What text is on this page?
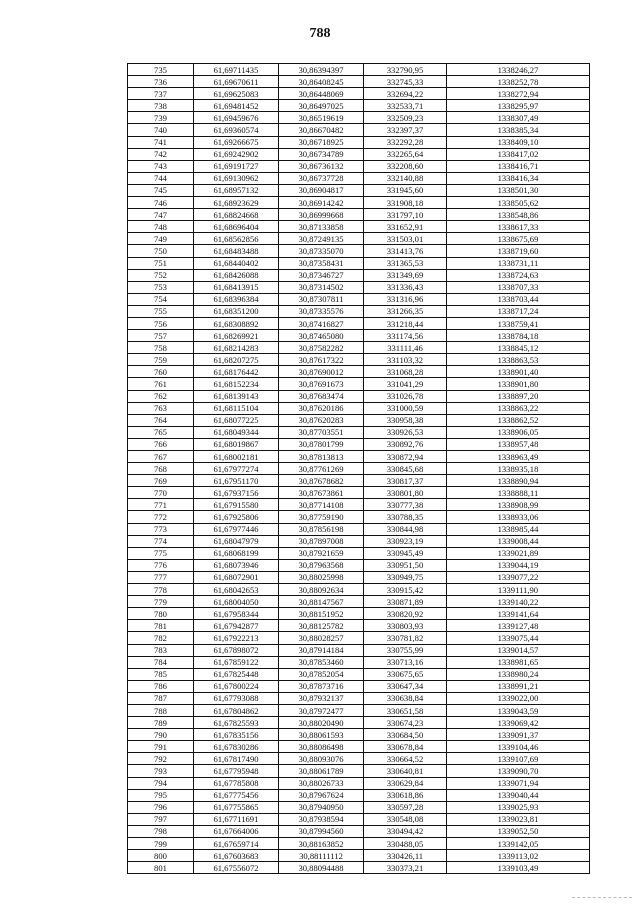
788
735	61,69711435	30,86394397	332790,95	1338246,27
736	61,69670611	30,86408245	332745,33	1338252,78
737	61,69625083	30,86448069	332694,22	1338272,94
738	61,69481452	30,86497025	332533,71	1338295,97
739	61,69459676	30,86519619	332509,23	1338307,49
740	61,69360574	30,86670482	332397,37	1338385,34
741	61,69266675	30,86718925	332292,28	1338409,10
742	61,69242902	30,86734789	332265,64	1338417,02
743	61,69191727	30,86736132	332208,60	1338416,71
744	61,69130962	30,86737728	332140,88	1338416,34
745	61,68957132	30,86904817	331945,60	1338501,30
746	61,68923629	30,86914242	331908,18	1338505,62
747	61,68824668	30,86999668	331797,10	1338548,86
748	61,68696404	30,87133858	331652,91	1338617,33
749	61,68562856	30,87249135	331503,01	1338675,69
750	61,68483488	30,87335070	331413,76	1338719,60
751	61,68440402	30,87358431	331365,53	1338731,11
752	61,68426088	30,87346727	331349,69	1338724,63
753	61,68413915	30,87314502	331336,43	1338707,33
754	61,68396384	30,87307811	331316,96	1338703,44
755	61,68351200	30,87335576	331266,35	1338717,24
756	61,68308892	30,87416827	331218,44	1338759,41
757	61,68269921	30,87465080	331174,56	1338784,18
758	61,68214283	30,87582282	331111,46	1338845,12
759	61,68207275	30,87617322	331103,32	1338863,53
760	61,68176442	30,87690012	331068,28	1338901,40
761	61,68152234	30,87691673	331041,29	1338901,80
762	61,68139143	30,87683474	331026,78	1338897,20
763	61,68115104	30,87620186	331000,59	1338863,22
764	61,68077225	30,87620283	330958,38	1338862,52
765	61,68049344	30,87703551	330926,53	1338906,05
766	61,68019867	30,87801799	330892,76	1338957,48
767	61,68002181	30,87813813	330872,94	1338963,49
768	61,67977274	30,87761269	330845,68	1338935,18
769	61,67951170	30,87678682	330817,37	1338890,94
770	61,67937156	30,87673861	330801,80	1338888,11
771	61,67915580	30,87714108	330777,38	1338908,99
772	61,67925806	30,87759190	330788,35	1338933,06
773	61,67977446	30,87856198	330844,98	1338985,44
774	61,68047979	30,87897008	330923,19	1339008,44
775	61,68068199	30,87921659	330945,49	1339021,89
776	61,68073946	30,87963568	330951,50	1339044,19
777	61,68072901	30,88025998	330949,75	1339077,22
778	61,68042653	30,88092634	330915,42	1339111,90
779	61,68004050	30,88147567	330871,89	1339140,22
780	61,67958344	30,88151952	330820,92	1339141,64
781	61,67942877	30,88125782	330803,93	1339127,48
782	61,67922213	30,88028257	330781,82	1339075,44
783	61,67898072	30,87914184	330755,99	1339014,57
784	61,67859122	30,87853460	330713,16	1338981,65
785	61,67825448	30,87852054	330675,65	1338980,24
786	61,67800224	30,87873716	330647,34	1338991,21
787	61,67793088	30,87932137	330638,84	1339022,00
788	61,67804862	30,87972477	330651,58	1339043,59
789	61,67825593	30,88020490	330674,23	1339069,42
790	61,67835156	30,88061593	330684,50	1339091,37
791	61,67830286	30,88086498	330678,84	1339104,46
792	61,67817490	30,88093076	330664,52	1339107,69
793	61,67795948	30,88061789	330640,81	1339090,70
794	61,67785808	30,88026733	330629,84	1339071,94
795	61,67775456	30,87967624	330618,86	1339040,44
796	61,67755865	30,87940950	330597,28	1339025,93
797	61,67711691	30,87938594	330548,08	1339023,81
798	61,67664006	30,87994560	330494,42	1339052,50
799	61,67659714	30,88163852	330488,05	1339142,05
800	61,67603683	30,88111112	330426,11	1339113,02
801	61,67556072	30,88094488	330373,21	1339103,49
